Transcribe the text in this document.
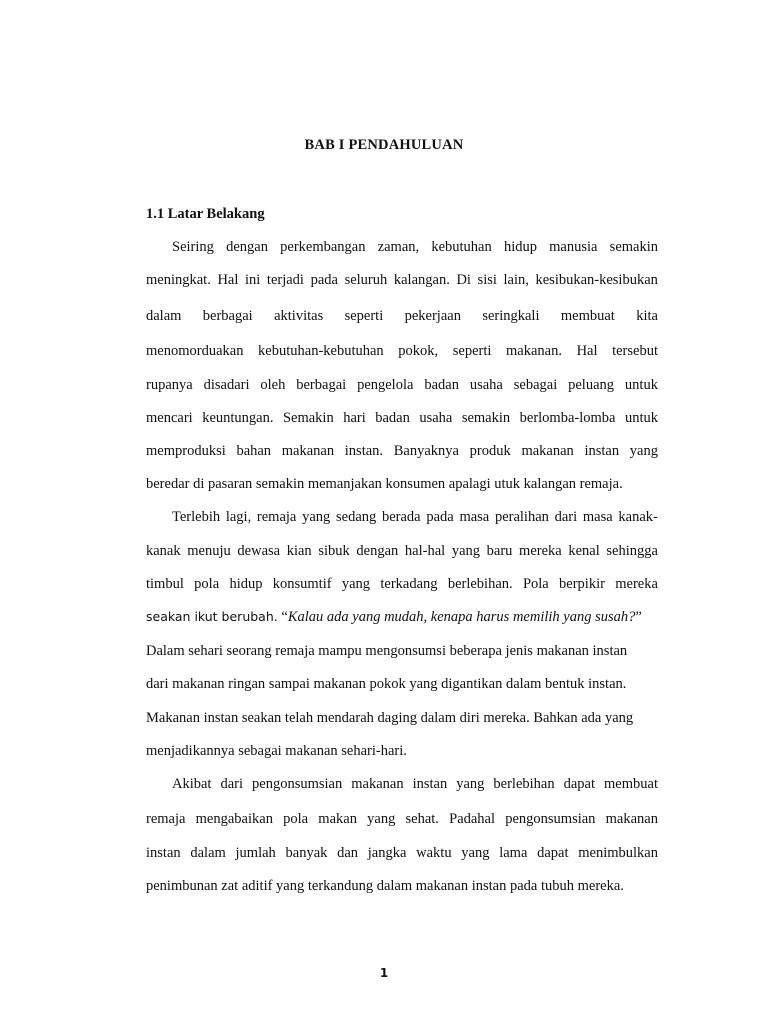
BAB I PENDAHULUAN
1.1 Latar Belakang
Seiring dengan perkembangan zaman, kebutuhan hidup manusia semakin
meningkat. Hal ini terjadi pada seluruh kalangan. Di sisi lain, kesibukan-kesibukan
dalam berbagai aktivitas seperti pekerjaan seringkali membuat kita
menomorduakan kebutuhan-kebutuhan pokok, seperti makanan. Hal tersebut
rupanya disadari oleh berbagai pengelola badan usaha sebagai peluang untuk
mencari keuntungan. Semakin hari badan usaha semakin berlomba-lomba untuk
memproduksi bahan makanan instan. Banyaknya produk makanan instan yang
beredar di pasaran semakin memanjakan konsumen apalagi utuk kalangan remaja.
Terlebih lagi, remaja yang sedang berada pada masa peralihan dari masa kanak-
kanak menuju dewasa kian sibuk dengan hal-hal yang baru mereka kenal sehingga
timbul pola hidup konsumtif yang terkadang berlebihan. Pola berpikir mereka
seakan ikut berubah. “Kalau ada yang mudah, kenapa harus memilih yang susah?”
Dalam sehari seorang remaja mampu mengonsumsi beberapa jenis makanan instan
dari makanan ringan sampai makanan pokok yang digantikan dalam bentuk instan.
Makanan instan seakan telah mendarah daging dalam diri mereka. Bahkan ada yang
menjadikannya sebagai makanan sehari-hari.
Akibat dari pengonsumsian makanan instan yang berlebihan dapat membuat
remaja mengabaikan pola makan yang sehat. Padahal pengonsumsian makanan
instan dalam jumlah banyak dan jangka waktu yang lama dapat menimbulkan
penimbunan zat aditif yang terkandung dalam makanan instan pada tubuh mereka.
1
